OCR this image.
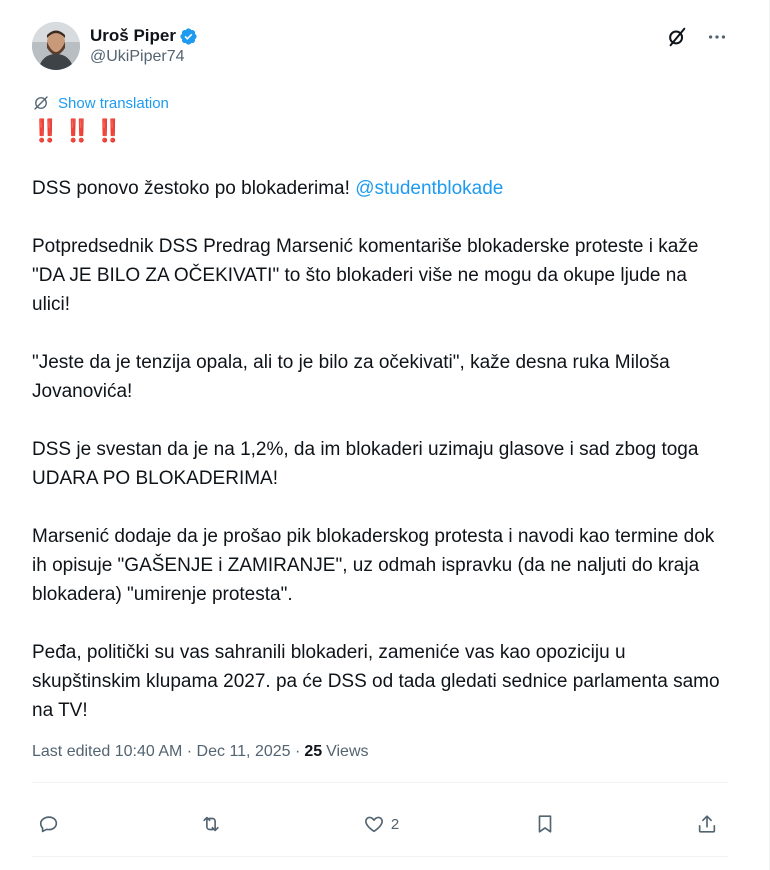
Uroš Piper
@UkiPiper74
Show translation

‼️ ‼️ ‼️

DSS ponovo žestoko po blokaderima! @studentblokade

Potpredsednik DSS Predrag Marsenić komentariše blokaderske proteste i kaže "DA JE BILO ZA OČEKIVATI" to što blokaderi više ne mogu da okupe ljude na ulici!

"Jeste da je tenzija opala, ali to je bilo za očekivati", kaže desna ruka Miloša Jovanovića!

DSS je svestan da je na 1,2%, da im blokaderi uzimaju glasove i sad zbog toga UDARA PO BLOKADERIMA!

Marsenić dodaje da je prošao pik blokaderskog protesta i navodi kao termine dok ih opisuje "GAŠENJE i ZAMIRANJE", uz odmah ispravku (da ne naljuti do kraja blokadera) "umirenje protesta".

Peđa, politički su vas sahranili blokaderi, zameniće vas kao opoziciju u skupštinskim klupama 2027. pa će DSS od tada gledati sednice parlamenta samo na TV!

Last edited 10:40 AM · Dec 11, 2025 · 25 Views
2
